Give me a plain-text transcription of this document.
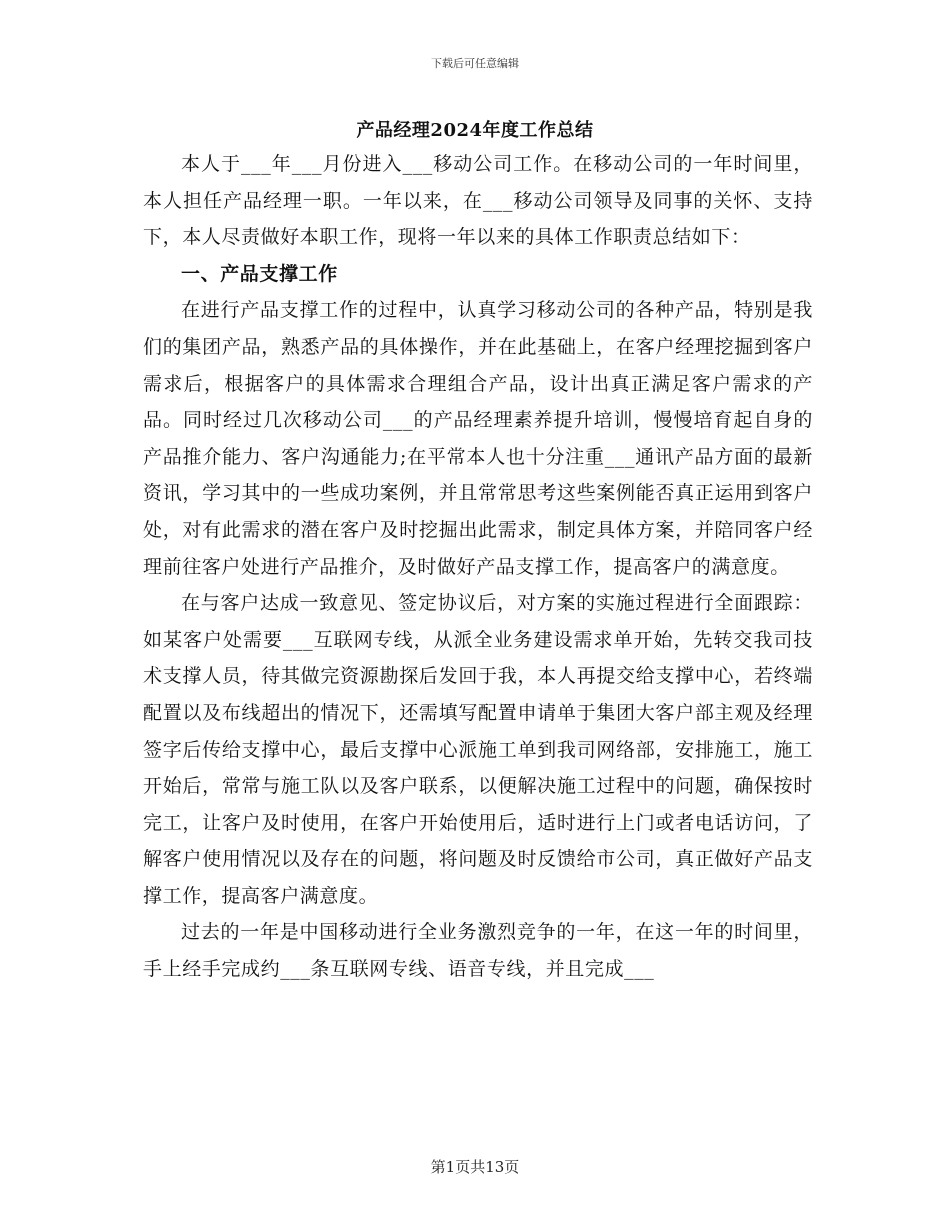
下载后可任意编辑
产品经理2024年度工作总结

本人于___年___月份进入___移动公司工作。在移动公司的一年时间里，本人担任产品经理一职。一年以来，在___移动公司领导及同事的关怀、支持下，本人尽责做好本职工作，现将一年以来的具体工作职责总结如下：

一、产品支撑工作

在进行产品支撑工作的过程中，认真学习移动公司的各种产品，特别是我们的集团产品，熟悉产品的具体操作，并在此基础上，在客户经理挖掘到客户需求后，根据客户的具体需求合理组合产品，设计出真正满足客户需求的产品。同时经过几次移动公司___的产品经理素养提升培训，慢慢培育起自身的产品推介能力、客户沟通能力;在平常本人也十分注重___通讯产品方面的最新资讯，学习其中的一些成功案例，并且常常思考这些案例能否真正运用到客户处，对有此需求的潜在客户及时挖掘出此需求，制定具体方案，并陪同客户经理前往客户处进行产品推介，及时做好产品支撑工作，提高客户的满意度。

在与客户达成一致意见、签定协议后，对方案的实施过程进行全面跟踪：如某客户处需要___互联网专线，从派全业务建设需求单开始，先转交我司技术支撑人员，待其做完资源勘探后发回于我，本人再提交给支撑中心，若终端配置以及布线超出的情况下，还需填写配置申请单于集团大客户部主观及经理签字后传给支撑中心，最后支撑中心派施工单到我司网络部，安排施工，施工开始后，常常与施工队以及客户联系，以便解决施工过程中的问题，确保按时完工，让客户及时使用，在客户开始使用后，适时进行上门或者电话访问，了解客户使用情况以及存在的问题，将问题及时反馈给市公司，真正做好产品支撑工作，提高客户满意度。

过去的一年是中国移动进行全业务激烈竞争的一年，在这一年的时间里，手上经手完成约___条互联网专线、语音专线，并且完成___

第1页共13页
